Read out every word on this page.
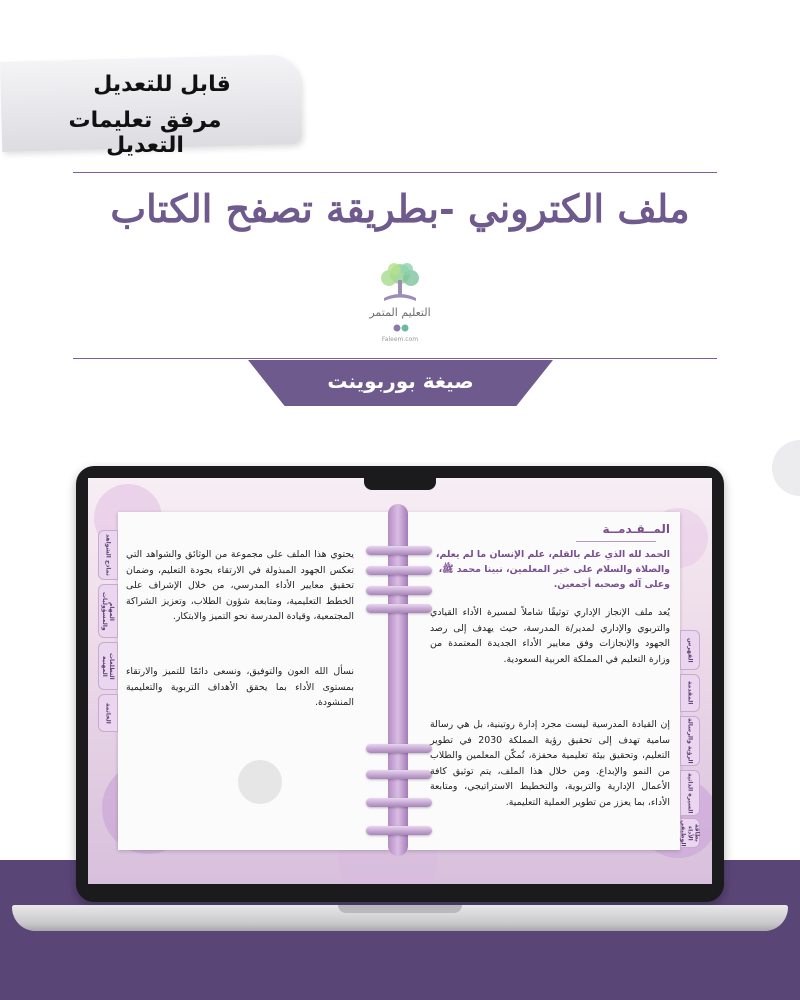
قابل للتعديل
مرفق تعليمات التعديل
ملف الكتروني -بطريقة تصفح الكتاب
التعليم المتمر
Faleem.com
صيغة بوربوينت
نماذج الشواهد
المهام والمسؤوليات
التطلعات المهنية
الخاتمة
الفهرس
المقدمة
الرؤية والرسالة
السيرة الذاتية
بطاقة الأداء الوظيفي
يحتوي هذا الملف على مجموعة من الوثائق والشواهد التي تعكس الجهود المبذولة في الارتقاء بجودة التعليم، وضمان تحقيق معايير الأداء المدرسي، من خلال الإشراف على الخطط التعليمية، ومتابعة شؤون الطلاب، وتعزيز الشراكة المجتمعية، وقيادة المدرسة نحو التميز والابتكار.
نسأل الله العون والتوفيق، ونسعى دائمًا للتميز والارتقاء بمستوى الأداء بما يحقق الأهداف التربوية والتعليمية المنشودة.
المــقـدمــة
الحمد لله الذي علم بالقلم، علم الإنسان ما لم يعلم، والصلاة والسلام على خير المعلمين، نبينا محمد ﷺ، وعلى آله وصحبه أجمعين.
يُعد ملف الإنجاز الإداري توثيقًا شاملاً لمسيرة الأداء القيادي والتربوي والإداري لمدير/ة المدرسة، حيث يهدف إلى رصد الجهود والإنجازات وفق معايير الأداء الجديدة المعتمدة من وزارة التعليم في المملكة العربية السعودية.
إن القيادة المدرسية ليست مجرد إدارة روتينية، بل هي رسالة سامية تهدف إلى تحقيق رؤية المملكة 2030 في تطوير التعليم، وتحقيق بيئة تعليمية محفزة، تُمكّن المعلمين والطلاب من النمو والإبداع. ومن خلال هذا الملف، يتم توثيق كافة الأعمال الإدارية والتربوية، والتخطيط الاستراتيجي، ومتابعة الأداء، بما يعزز من تطوير العملية التعليمية.
